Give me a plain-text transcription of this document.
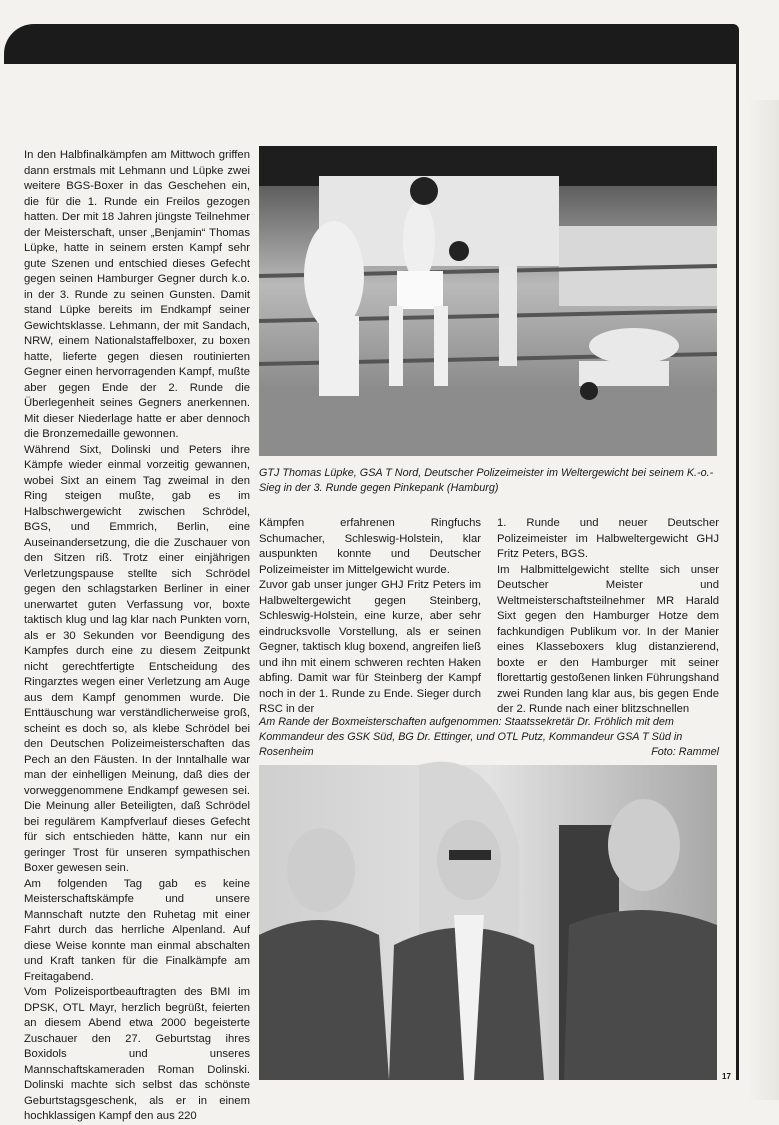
In den Halbfinalkämpfen am Mittwoch griffen dann erstmals mit Lehmann und Lüpke zwei weitere BGS-Boxer in das Geschehen ein, die für die 1. Runde ein Freilos gezogen hatten. Der mit 18 Jahren jüngste Teilnehmer der Meisterschaft, unser „Benjamin“ Thomas Lüpke, hatte in seinem ersten Kampf sehr gute Szenen und entschied dieses Gefecht gegen seinen Hamburger Gegner durch k.o. in der 3. Runde zu seinen Gunsten. Damit stand Lüpke bereits im Endkampf seiner Gewichtsklasse. Lehmann, der mit Sandach, NRW, einem Nationalstaffelboxer, zu boxen hatte, lieferte gegen diesen routinierten Gegner einen hervorragenden Kampf, mußte aber gegen Ende der 2. Runde die Überlegenheit seines Gegners anerkennen. Mit dieser Niederlage hatte er aber dennoch die Bronzemedaille gewonnen.

Während Sixt, Dolinski und Peters ihre Kämpfe wieder einmal vorzeitig gewannen, wobei Sixt an einem Tag zweimal in den Ring steigen mußte, gab es im Halbschwergewicht zwischen Schrödel, BGS, und Emmrich, Berlin, eine Auseinandersetzung, die die Zuschauer von den Sitzen riß. Trotz einer einjährigen Verletzungspause stellte sich Schrödel gegen den schlagstarken Berliner in einer unerwartet guten Verfassung vor, boxte taktisch klug und lag klar nach Punkten vorn, als er 30 Sekunden vor Beendigung des Kampfes durch eine zu diesem Zeitpunkt nicht gerechtfertigte Entscheidung des Ringarztes wegen einer Verletzung am Auge aus dem Kampf genommen wurde. Die Enttäuschung war verständlicherweise groß, scheint es doch so, als klebe Schrödel bei den Deutschen Polizeimeisterschaften das Pech an den Fäusten. In der Inntalhalle war man der einhelligen Meinung, daß dies der vorweggenommene Endkampf gewesen sei. Die Meinung aller Beteiligten, daß Schrödel bei regulärem Kampfverlauf dieses Gefecht für sich entschieden hätte, kann nur ein geringer Trost für unseren sympathischen Boxer gewesen sein.

Am folgenden Tag gab es keine Meisterschaftskämpfe und unsere Mannschaft nutzte den Ruhetag mit einer Fahrt durch das herrliche Alpenland. Auf diese Weise konnte man einmal abschalten und Kraft tanken für die Finalkämpfe am Freitagabend.

Vom Polizeisportbeauftragten des BMI im DPSK, OTL Mayr, herzlich begrüßt, feierten an diesem Abend etwa 2000 begeisterte Zuschauer den 27. Geburtstag ihres Boxidols und unseres Mannschaftskameraden Roman Dolinski. Dolinski machte sich selbst das schönste Geburtstagsgeschenk, als er in einem hochklassigen Kampf den aus 220

GTJ Thomas Lüpke, GSA T Nord, Deutscher Polizeimeister im Weltergewicht bei seinem K.-o.-Sieg in der 3. Runde gegen Pinkepank (Hamburg)

Kämpfen erfahrenen Ringfuchs Schumacher, Schleswig-Holstein, klar auspunkten konnte und Deutscher Polizeimeister im Mittelgewicht wurde.

Zuvor gab unser junger GHJ Fritz Peters im Halbweltergewicht gegen Steinberg, Schleswig-Holstein, eine kurze, aber sehr eindrucksvolle Vorstellung, als er seinen Gegner, taktisch klug boxend, angreifen ließ und ihn mit einem schweren rechten Haken abfing. Damit war für Steinberg der Kampf noch in der 1. Runde zu Ende. Sieger durch RSC in der

1. Runde und neuer Deutscher Polizeimeister im Halbweltergewicht GHJ Fritz Peters, BGS.

Im Halbmittelgewicht stellte sich unser Deutscher Meister und Weltmeisterschaftsteilnehmer MR Harald Sixt gegen den Hamburger Hotze dem fachkundigen Publikum vor. In der Manier eines Klasseboxers klug distanzierend, boxte er den Hamburger mit seiner florettartig gestoßenen linken Führungshand zwei Runden lang klar aus, bis gegen Ende der 2. Runde nach einer blitzschnellen

Am Rande der Boxmeisterschaften aufgenommen: Staatssekretär Dr. Fröhlich mit dem Kommandeur des GSK Süd, BG Dr. Ettinger, und OTL Putz, Kommandeur GSA T Süd in Rosenheim	Foto: Rammel
17
